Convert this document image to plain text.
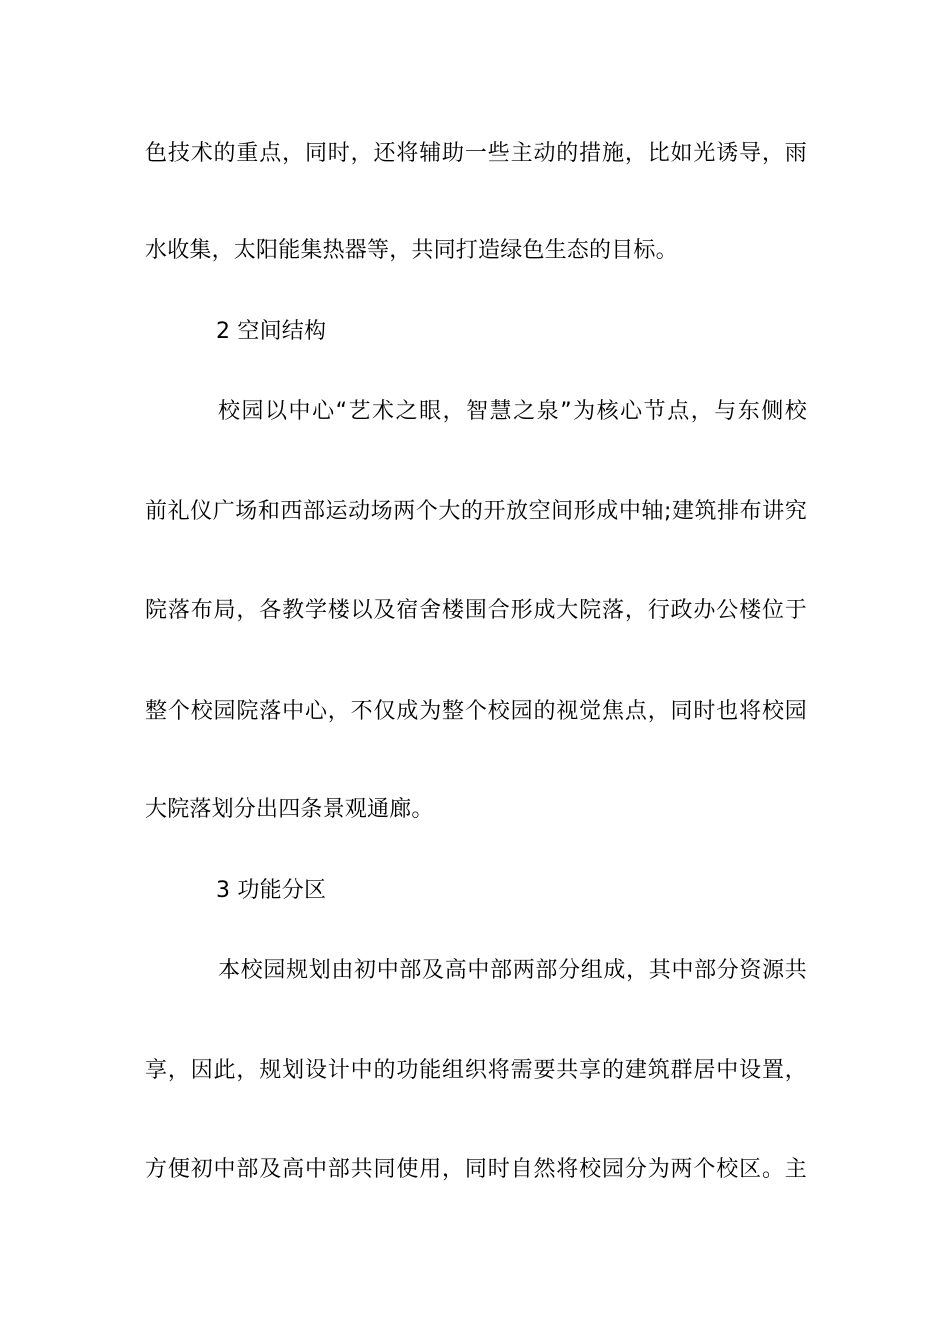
色技术的重点，同时，还将辅助一些主动的措施，比如光诱导，雨
水收集，太阳能集热器等，共同打造绿色生态的目标。
2 空间结构
校园以中心“艺术之眼，智慧之泉”为核心节点，与东侧校
前礼仪广场和西部运动场两个大的开放空间形成中轴;建筑排布讲究
院落布局，各教学楼以及宿舍楼围合形成大院落，行政办公楼位于
整个校园院落中心，不仅成为整个校园的视觉焦点，同时也将校园
大院落划分出四条景观通廊。
3 功能分区
本校园规划由初中部及高中部两部分组成，其中部分资源共
享，因此，规划设计中的功能组织将需要共享的建筑群居中设置，
方便初中部及高中部共同使用，同时自然将校园分为两个校区。主
